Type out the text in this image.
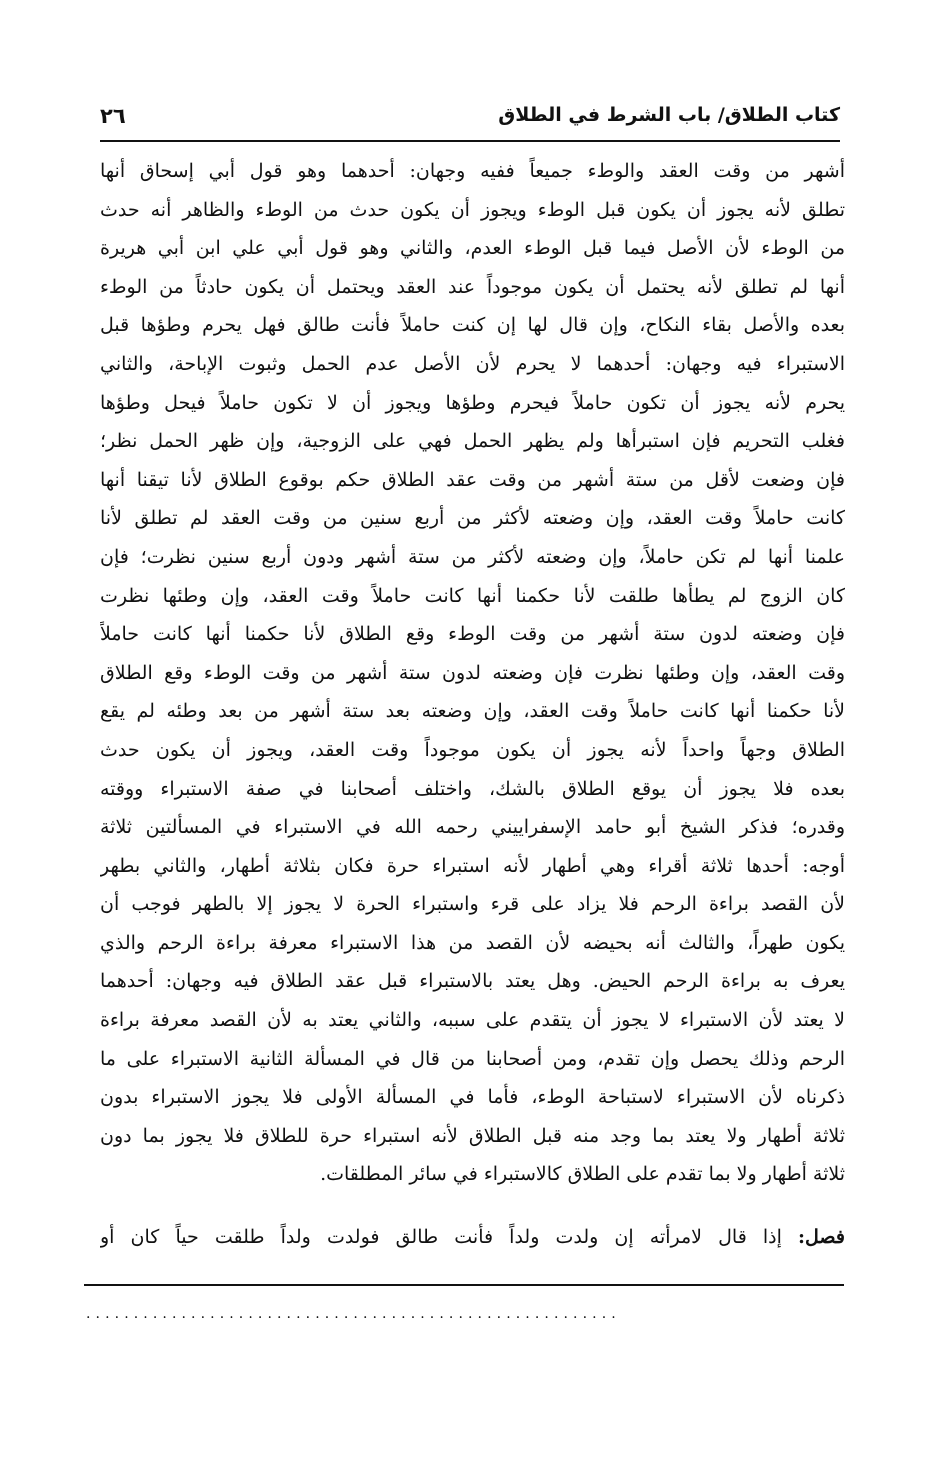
كتاب الطلاق/ باب الشرط في الطلاق
٢٦
أشهر من وقت العقد والوطء جميعاً ففيه وجهان: أحدهما وهو قول أبي إسحاق أنها
تطلق لأنه يجوز أن يكون قبل الوطء ويجوز أن يكون حدث من الوطء والظاهر أنه حدث
من الوطء لأن الأصل فيما قبل الوطء العدم، والثاني وهو قول أبي علي ابن أبي هريرة
أنها لم تطلق لأنه يحتمل أن يكون موجوداً عند العقد ويحتمل أن يكون حادثاً من الوطء
بعده والأصل بقاء النكاح، وإن قال لها إن كنت حاملاً فأنت طالق فهل يحرم وطؤها قبل
الاستبراء فيه وجهان: أحدهما لا يحرم لأن الأصل عدم الحمل وثبوت الإباحة، والثاني
يحرم لأنه يجوز أن تكون حاملاً فيحرم وطؤها ويجوز أن لا تكون حاملاً فيحل وطؤها
فغلب التحريم فإن استبرأها ولم يظهر الحمل فهي على الزوجية، وإن ظهر الحمل نظر؛
فإن وضعت لأقل من ستة أشهر من وقت عقد الطلاق حكم بوقوع الطلاق لأنا تيقنا أنها
كانت حاملاً وقت العقد، وإن وضعته لأكثر من أربع سنين من وقت العقد لم تطلق لأنا
علمنا أنها لم تكن حاملاً، وإن وضعته لأكثر من ستة أشهر ودون أربع سنين نظرت؛ فإن
كان الزوج لم يطأها طلقت لأنا حكمنا أنها كانت حاملاً وقت العقد، وإن وطئها نظرت
فإن وضعته لدون ستة أشهر من وقت الوطء وقع الطلاق لأنا حكمنا أنها كانت حاملاً
وقت العقد، وإن وطئها نظرت فإن وضعته لدون ستة أشهر من وقت الوطء وقع الطلاق
لأنا حكمنا أنها كانت حاملاً وقت العقد، وإن وضعته بعد ستة أشهر من بعد وطئه لم يقع
الطلاق وجهاً واحداً لأنه يجوز أن يكون موجوداً وقت العقد، ويجوز أن يكون حدث
بعده فلا يجوز أن يوقع الطلاق بالشك، واختلف أصحابنا في صفة الاستبراء ووقته
وقدره؛ فذكر الشيخ أبو حامد الإسفراييني رحمه الله في الاستبراء في المسألتين ثلاثة
أوجه: أحدها ثلاثة أقراء وهي أطهار لأنه استبراء حرة فكان بثلاثة أطهار، والثاني بطهر
لأن القصد براءة الرحم فلا يزاد على قرء واستبراء الحرة لا يجوز إلا بالطهر فوجب أن
يكون طهراً، والثالث أنه بحيضه لأن القصد من هذا الاستبراء معرفة براءة الرحم والذي
يعرف به براءة الرحم الحيض. وهل يعتد بالاستبراء قبل عقد الطلاق فيه وجهان: أحدهما
لا يعتد لأن الاستبراء لا يجوز أن يتقدم على سببه، والثاني يعتد به لأن القصد معرفة براءة
الرحم وذلك يحصل وإن تقدم، ومن أصحابنا من قال في المسألة الثانية الاستبراء على ما
ذكرناه لأن الاستبراء لاستباحة الوطء، فأما في المسألة الأولى فلا يجوز الاستبراء بدون
ثلاثة أطهار ولا يعتد بما وجد منه قبل الطلاق لأنه استبراء حرة للطلاق فلا يجوز بما دون
ثلاثة أطهار ولا بما تقدم على الطلاق كالاستبراء في سائر المطلقات.
فصل: إذا قال لامرأته إن ولدت ولداً فأنت طالق فولدت ولداً طلقت حياً كان أو
........................................................
